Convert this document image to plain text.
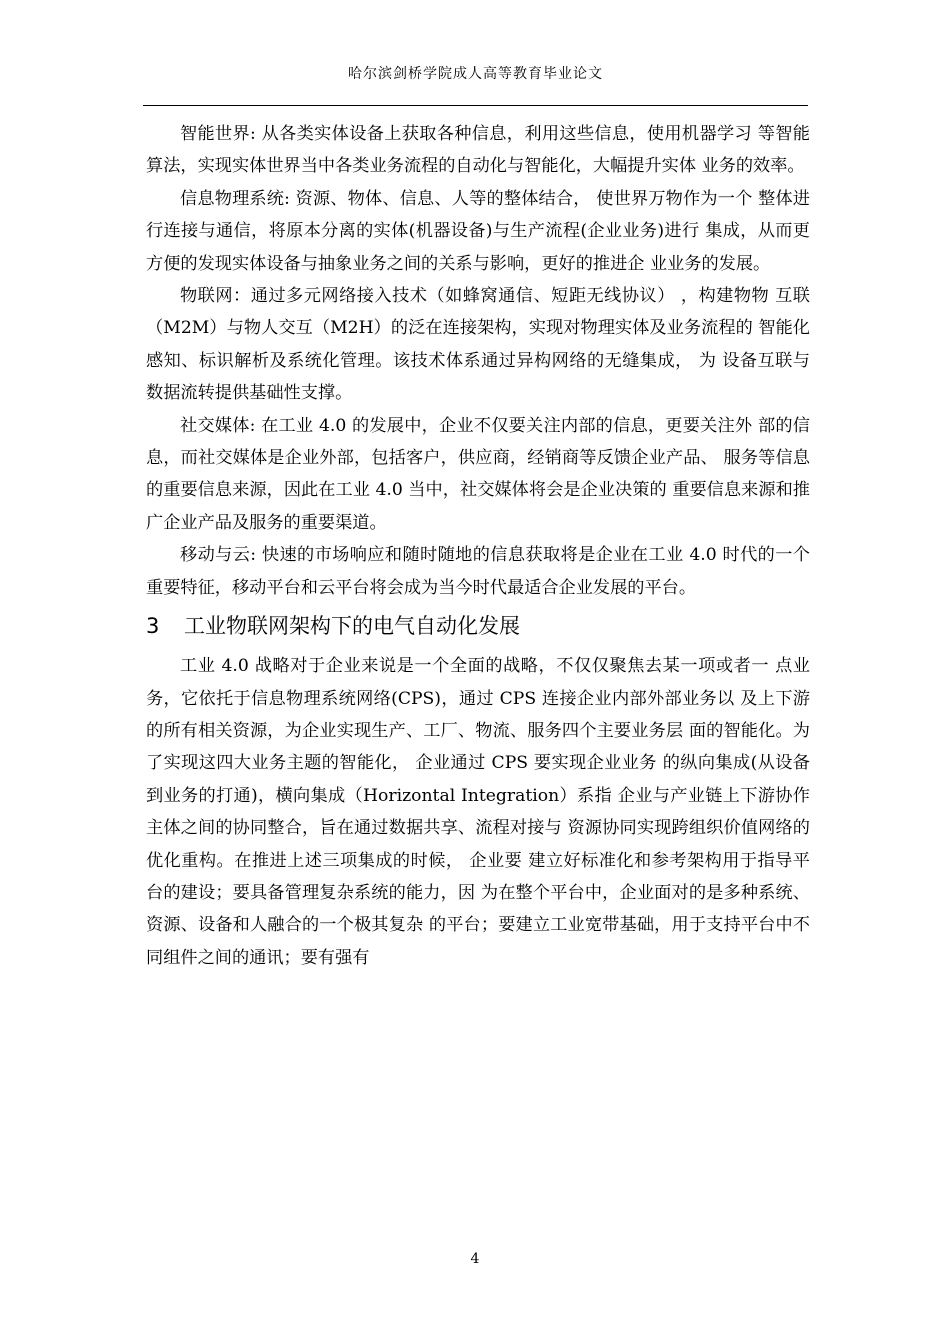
哈尔滨剑桥学院成人高等教育毕业论文

智能世界: 从各类实体设备上获取各种信息，利用这些信息，使用机器学习 等智能算法，实现实体世界当中各类业务流程的自动化与智能化，大幅提升实体 业务的效率。

信息物理系统: 资源、物体、信息、人等的整体结合， 使世界万物作为一个 整体进行连接与通信，将原本分离的实体(机器设备)与生产流程(企业业务)进行 集成，从而更方便的发现实体设备与抽象业务之间的关系与影响，更好的推进企 业业务的发展。

物联网：通过多元网络接入技术（如蜂窝通信、短距无线协议） ，构建物物 互联（M2M）与物人交互（M2H）的泛在连接架构，实现对物理实体及业务流程的 智能化感知、标识解析及系统化管理。该技术体系通过异构网络的无缝集成， 为 设备互联与数据流转提供基础性支撑。

社交媒体: 在工业 4.0 的发展中，企业不仅要关注内部的信息，更要关注外 部的信息，而社交媒体是企业外部，包括客户，供应商，经销商等反馈企业产品、 服务等信息的重要信息来源，因此在工业 4.0 当中，社交媒体将会是企业决策的 重要信息来源和推广企业产品及服务的重要渠道。

移动与云: 快速的市场响应和随时随地的信息获取将是企业在工业 4.0 时代的一个重要特征，移动平台和云平台将会成为当今时代最适合企业发展的平台。

3 工业物联网架构下的电气自动化发展

工业 4.0 战略对于企业来说是一个全面的战略，不仅仅聚焦去某一项或者一 点业务，它依托于信息物理系统网络(CPS)，通过 CPS 连接企业内部外部业务以 及上下游的所有相关资源，为企业实现生产、工厂、物流、服务四个主要业务层 面的智能化。为了实现这四大业务主题的智能化， 企业通过 CPS 要实现企业业务 的纵向集成(从设备到业务的打通)，横向集成（Horizontal Integration）系指 企业与产业链上下游协作主体之间的协同整合，旨在通过数据共享、流程对接与 资源协同实现跨组织价值网络的优化重构。在推进上述三项集成的时候， 企业要 建立好标准化和参考架构用于指导平台的建设；要具备管理复杂系统的能力，因 为在整个平台中，企业面对的是多种系统、资源、设备和人融合的一个极其复杂 的平台；要建立工业宽带基础，用于支持平台中不同组件之间的通讯；要有强有

4
